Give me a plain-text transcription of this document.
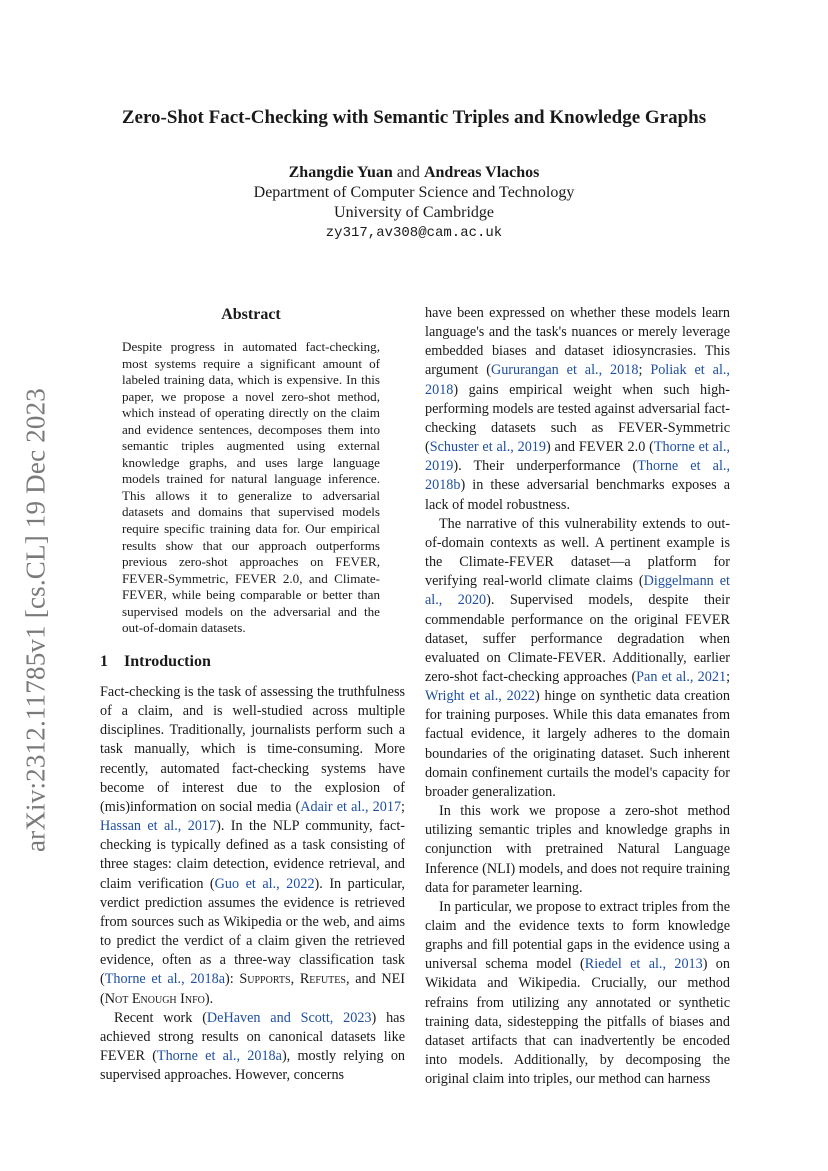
arXiv:2312.11785v1 [cs.CL] 19 Dec 2023
Zero-Shot Fact-Checking with Semantic Triples and Knowledge Graphs
Zhangdie Yuan and Andreas Vlachos
Department of Computer Science and Technology
University of Cambridge
zy317,av308@cam.ac.uk
Abstract
Despite progress in automated fact-checking, most systems require a significant amount of labeled training data, which is expensive. In this paper, we propose a novel zero-shot method, which instead of operating directly on the claim and evidence sentences, decomposes them into semantic triples augmented using external knowledge graphs, and uses large language models trained for natural language inference. This allows it to generalize to adversarial datasets and domains that supervised models require specific training data for. Our empirical results show that our approach outperforms previous zero-shot approaches on FEVER, FEVER-Symmetric, FEVER 2.0, and Climate-FEVER, while being comparable or better than supervised models on the adversarial and the out-of-domain datasets.
1 Introduction

Fact-checking is the task of assessing the truthfulness of a claim, and is well-studied across multiple disciplines. Traditionally, journalists perform such a task manually, which is time-consuming. More recently, automated fact-checking systems have become of interest due to the explosion of (mis)information on social media (Adair et al., 2017; Hassan et al., 2017). In the NLP community, fact-checking is typically defined as a task consisting of three stages: claim detection, evidence retrieval, and claim verification (Guo et al., 2022). In particular, verdict prediction assumes the evidence is retrieved from sources such as Wikipedia or the web, and aims to predict the verdict of a claim given the retrieved evidence, often as a three-way classification task (Thorne et al., 2018a): Supports, Refutes, and NEI (Not Enough Info).

Recent work (DeHaven and Scott, 2023) has achieved strong results on canonical datasets like FEVER (Thorne et al., 2018a), mostly relying on supervised approaches. However, concerns

have been expressed on whether these models learn language's and the task's nuances or merely leverage embedded biases and dataset idiosyncrasies. This argument (Gururangan et al., 2018; Poliak et al., 2018) gains empirical weight when such high-performing models are tested against adversarial fact-checking datasets such as FEVER-Symmetric (Schuster et al., 2019) and FEVER 2.0 (Thorne et al., 2019). Their underperformance (Thorne et al., 2018b) in these adversarial benchmarks exposes a lack of model robustness.

The narrative of this vulnerability extends to out-of-domain contexts as well. A pertinent example is the Climate-FEVER dataset—a platform for verifying real-world climate claims (Diggelmann et al., 2020). Supervised models, despite their commendable performance on the original FEVER dataset, suffer performance degradation when evaluated on Climate-FEVER. Additionally, earlier zero-shot fact-checking approaches (Pan et al., 2021; Wright et al., 2022) hinge on synthetic data creation for training purposes. While this data emanates from factual evidence, it largely adheres to the domain boundaries of the originating dataset. Such inherent domain confinement curtails the model's capacity for broader generalization.

In this work we propose a zero-shot method utilizing semantic triples and knowledge graphs in conjunction with pretrained Natural Language Inference (NLI) models, and does not require training data for parameter learning.

In particular, we propose to extract triples from the claim and the evidence texts to form knowledge graphs and fill potential gaps in the evidence using a universal schema model (Riedel et al., 2013) on Wikidata and Wikipedia. Crucially, our method refrains from utilizing any annotated or synthetic training data, sidestepping the pitfalls of biases and dataset artifacts that can inadvertently be encoded into models. Additionally, by decomposing the original claim into triples, our method can harness
